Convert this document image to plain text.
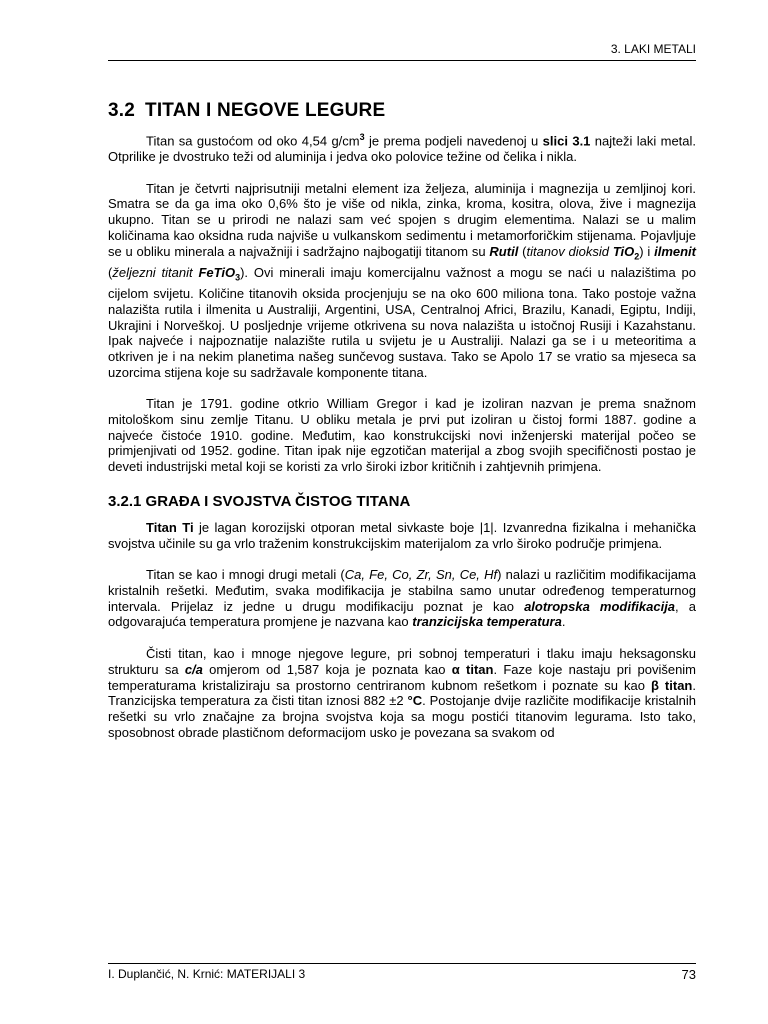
3. LAKI METALI
3.2 TITAN I NEGOVE LEGURE

Titan sa gustoćom od oko 4,54 $g/cm^3$ je prema podjeli navedenoj u slici 3.1 najteži laki metal. Otprilike je dvostruko teži od aluminija i jedva oko polovice težine od čelika i nikla.

Titan je četvrti najprisutniji metalni element iza željeza, aluminija i magnezija u zemljinoj kori. Smatra se da ga ima oko 0,6% što je više od nikla, zinka, kroma, kositra, olova, žive i magnezija ukupno. Titan se u prirodi ne nalazi sam već spojen s drugim elementima. Nalazi se u malim količinama kao oksidna ruda najviše u vulkanskom sedimentu i metamorforičkim stijenama. Pojavljuje se u obliku minerala a najvažniji i sadržajno najbogatiji titanom su Rutil (titanov dioksid TiO$_2$) i ilmenit (željezni titanit FeTiO$_3$). Ovi minerali imaju komercijalnu važnost a mogu se naći u nalazištima po cijelom svijetu. Količine titanovih oksida procjenjuju se na oko 600 miliona tona. Tako postoje važna nalazišta rutila i ilmenita u Australiji, Argentini, USA, Centralnoj Africi, Brazilu, Kanadi, Egiptu, Indiji, Ukrajini i Norveškoj. U posljednje vrijeme otkrivena su nova nalazišta u istočnoj Rusiji i Kazahstanu. Ipak najveće i najpoznatije nalazište rutila u svijetu je u Australiji. Nalazi ga se i u meteoritima a otkriven je i na nekim planetima našeg sunčevog sustava. Tako se Apolo 17 se vratio sa mjeseca sa uzorcima stijena koje su sadržavale komponente titana.

Titan je 1791. godine otkrio William Gregor i kad je izoliran nazvan je prema snažnom mitološkom sinu zemlje Titanu. U obliku metala je prvi put izoliran u čistoj formi 1887. godine a najveće čistoće 1910. godine. Međutim, kao konstrukcijski novi inženjerski materijal počeo se primjenjivati od 1952. godine. Titan ipak nije egzotičan materijal a zbog svojih specifičnosti postao je deveti industrijski metal koji se koristi za vrlo široki izbor kritičnih i zahtjevnih primjena.

3.2.1 GRAĐA I SVOJSTVA ČISTOG TITANA

Titan Ti je lagan korozijski otporan metal sivkaste boje |1|. Izvanredna fizikalna i mehanička svojstva učinile su ga vrlo traženim konstrukcijskim materijalom za vrlo široko područje primjena.

Titan se kao i mnogi drugi metali (Ca, Fe, Co, Zr, Sn, Ce, Hf) nalazi u različitim modifikacijama kristalnih rešetki. Međutim, svaka modifikacija je stabilna samo unutar određenog temperaturnog intervala. Prijelaz iz jedne u drugu modifikaciju poznat je kao alotropska modifikacija, a odgovarajuća temperatura promjene je nazvana kao tranzicijska temperatura.

Čisti titan, kao i mnoge njegove legure, pri sobnoj temperaturi i tlaku imaju heksagonsku strukturu sa c/a omjerom od 1,587 koja je poznata kao α titan. Faze koje nastaju pri povišenim temperaturama kristaliziraju sa prostorno centriranom kubnom rešetkom i poznate su kao β titan. Tranzicijska temperatura za čisti titan iznosi 882 ±2 °C. Postojanje dvije različite modifikacije kristalnih rešetki su vrlo značajne za brojna svojstva koja sa mogu postići titanovim legurama. Isto tako, sposobnost obrade plastičnom deformacijom usko je povezana sa svakom od

I. Duplančić, N. Krnić: MATERIJALI 3	73
